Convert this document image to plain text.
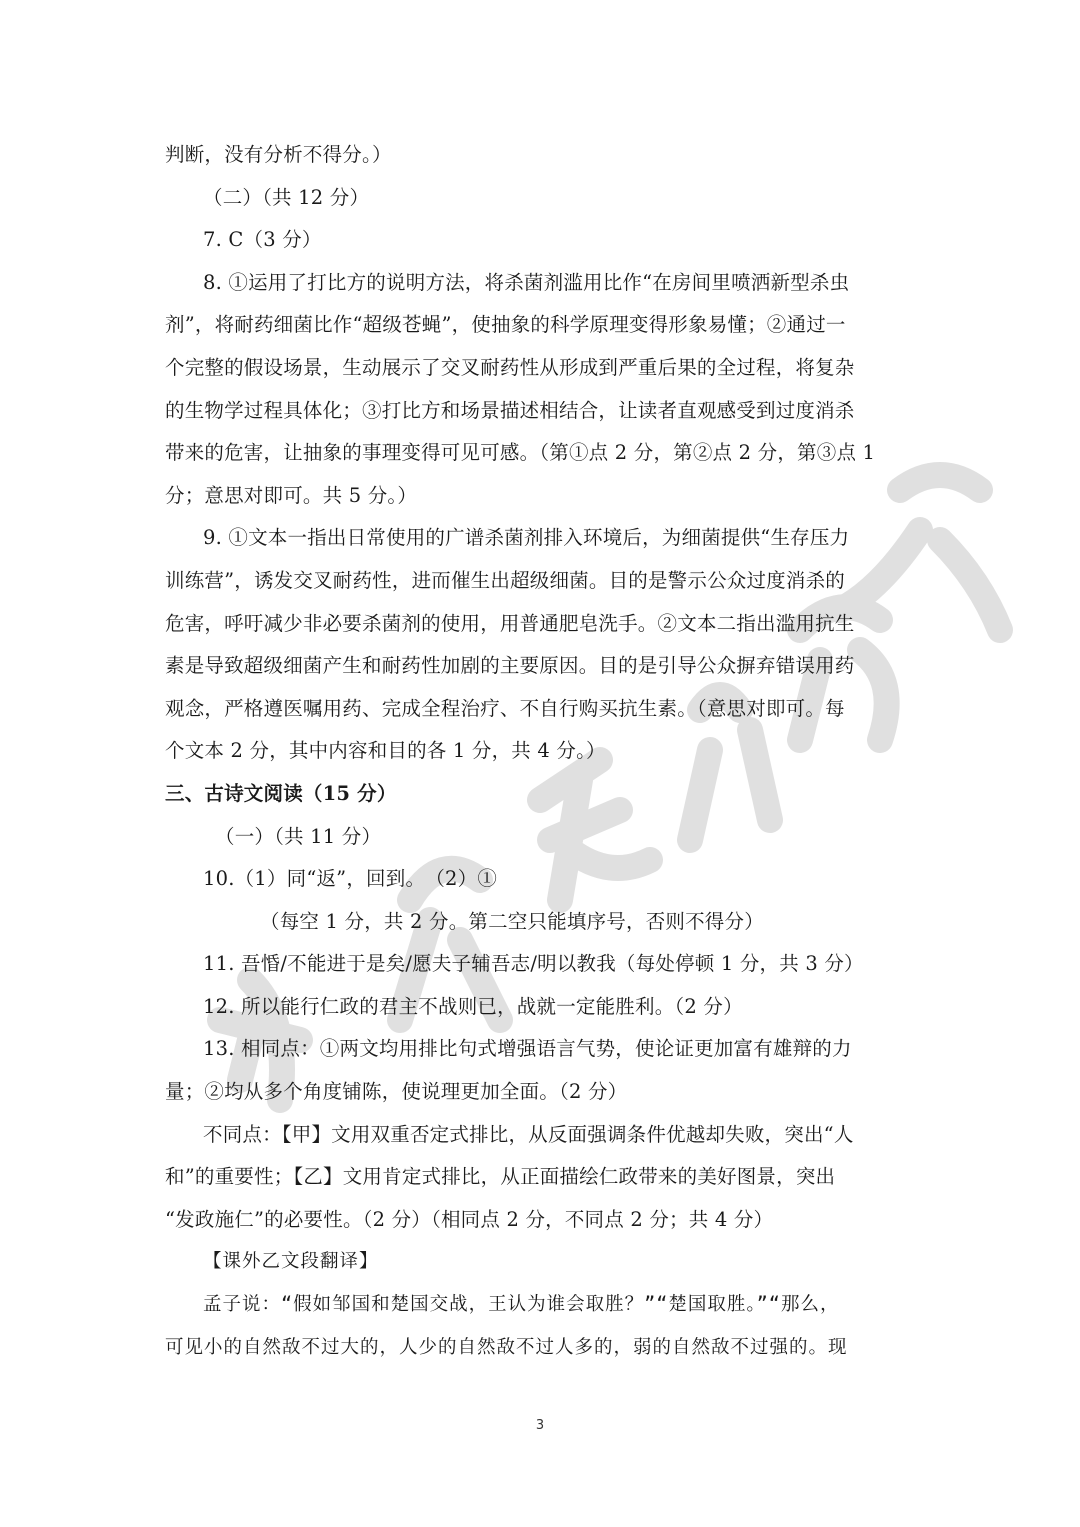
判断，没有分析不得分。）
（二）（共 12 分）
7. C（3 分）
8. ①运用了打比方的说明方法，将杀菌剂滥用比作“在房间里喷洒新型杀虫
剂”，将耐药细菌比作“超级苍蝇”，使抽象的科学原理变得形象易懂；②通过一
个完整的假设场景，生动展示了交叉耐药性从形成到严重后果的全过程，将复杂
的生物学过程具体化；③打比方和场景描述相结合，让读者直观感受到过度消杀
带来的危害，让抽象的事理变得可见可感。（第①点 2 分，第②点 2 分，第③点 1
分；意思对即可。共 5 分。）
9. ①文本一指出日常使用的广谱杀菌剂排入环境后，为细菌提供“生存压力
训练营”，诱发交叉耐药性，进而催生出超级细菌。目的是警示公众过度消杀的
危害，呼吁减少非必要杀菌剂的使用，用普通肥皂洗手。②文本二指出滥用抗生
素是导致超级细菌产生和耐药性加剧的主要原因。目的是引导公众摒弃错误用药
观念，严格遵医嘱用药、完成全程治疗、不自行购买抗生素。（意思对即可。每
个文本 2 分，其中内容和目的各 1 分，共 4 分。）
三、古诗文阅读（15 分）
（一）（共 11 分）
10.（1）同“返”，回到。　（2）①
（每空 1 分，共 2 分。第二空只能填序号，否则不得分）
11. 吾惛/不能进于是矣/愿夫子辅吾志/明以教我（每处停顿 1 分，共 3 分）
12. 所以能行仁政的君主不战则已，战就一定能胜利。（2 分）
13. 相同点：①两文均用排比句式增强语言气势，使论证更加富有雄辩的力
量；②均从多个角度铺陈，使说理更加全面。（2 分）
不同点：【甲】文用双重否定式排比，从反面强调条件优越却失败，突出“人
和”的重要性；【乙】文用肯定式排比，从正面描绘仁政带来的美好图景，突出
“发政施仁”的必要性。（2 分）（相同点 2 分，不同点 2 分；共 4 分）
【课外乙文段翻译】
孟子说：“假如邹国和楚国交战，王认为谁会取胜？”“楚国取胜。”“那么，
可见小的自然敌不过大的，人少的自然敌不过人多的，弱的自然敌不过强的。现
3
